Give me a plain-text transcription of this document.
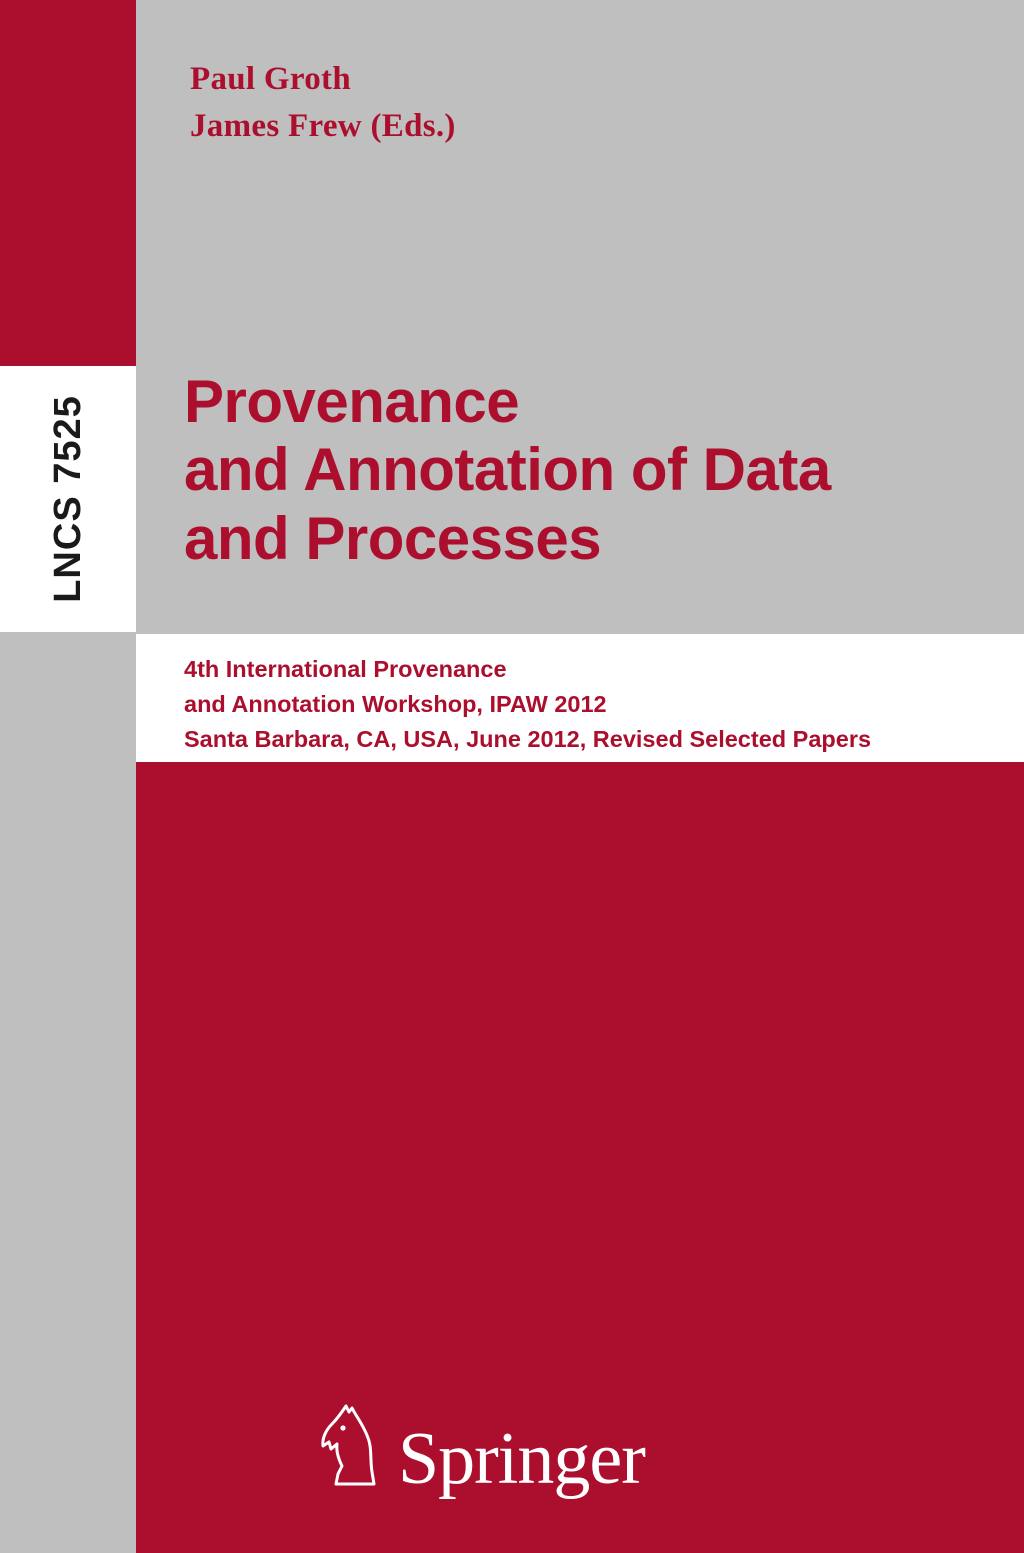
LNCS 7525
Paul Groth
James Frew (Eds.)
Provenance
and Annotation of Data
and Processes
4th International Provenance
and Annotation Workshop, IPAW 2012
Santa Barbara, CA, USA, June 2012, Revised Selected Papers
Springer
